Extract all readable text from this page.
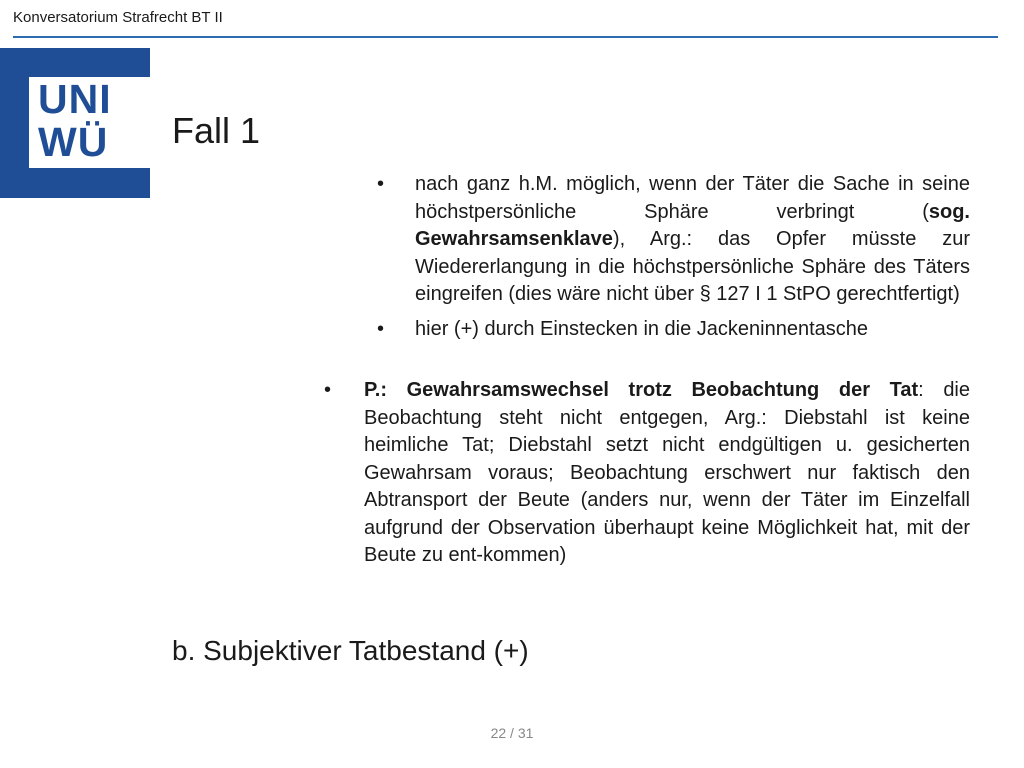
Konversatorium Strafrecht BT II
UNI
WÜ	Fall 1
• nach ganz h.M. möglich, wenn der Täter die Sache in seine höchstpersönliche Sphäre verbringt (sog. Gewahrsamsenklave), Arg.: das Opfer müsste zur Wiedererlangung in die höchstpersönliche Sphäre des Täters eingreifen (dies wäre nicht über § 127 I 1 StPO gerechtfertigt)
• hier (+) durch Einstecken in die Jackeninnentasche
• P.: Gewahrsamswechsel trotz Beobachtung der Tat: die Beobachtung steht nicht entgegen, Arg.: Diebstahl ist keine heimliche Tat; Diebstahl setzt nicht endgültigen u. gesicherten Gewahrsam voraus; Beobachtung erschwert nur faktisch den Abtransport der Beute (anders nur, wenn der Täter im Einzelfall aufgrund der Observation überhaupt keine Möglichkeit hat, mit der Beute zu ent-kommen)
b. Subjektiver Tatbestand (+)
22 / 31
